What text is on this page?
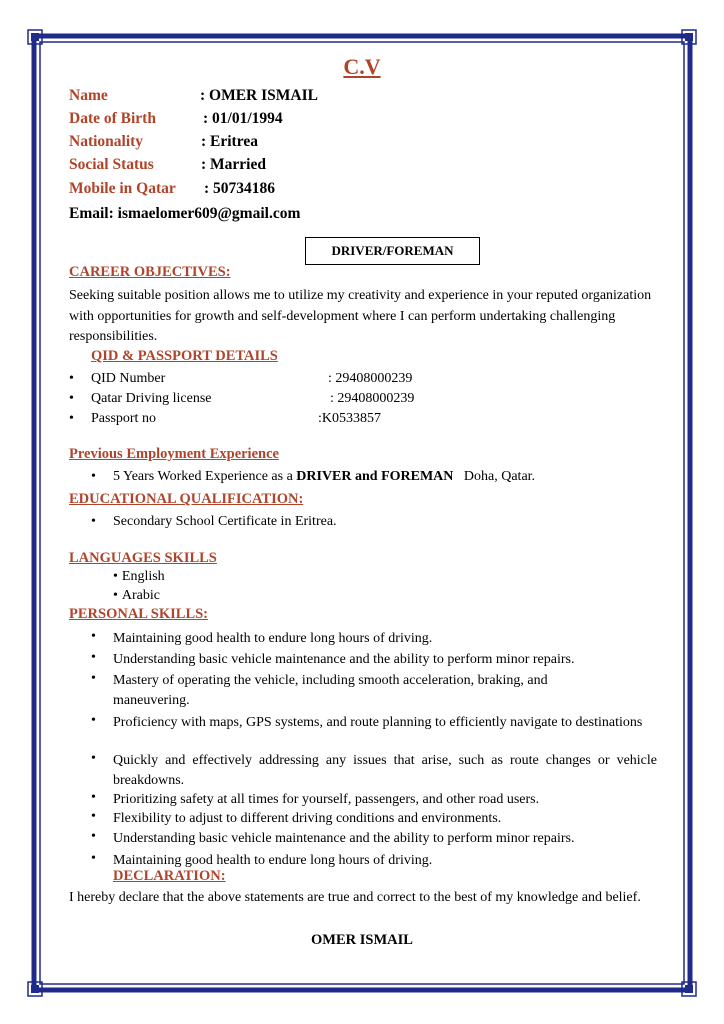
C.V
Name	: OMER ISMAIL
Date of Birth	: 01/01/1994
Nationality	: Eritrea
Social Status	: Married
Mobile in Qatar : 50734186
Email: ismaelomer609@gmail.com
DRIVER/FOREMAN
CAREER OBJECTIVES:
Seeking suitable position allows me to utilize my creativity and experience in your reputed organization with opportunities for growth and self-development where I can perform undertaking challenging responsibilities.
QID & PASSPORT DETAILS
• QID Number	: 29408000239
• Qatar Driving license	: 29408000239
• Passport no	:K0533857
Previous Employment Experience
• 5 Years Worked Experience as a DRIVER and FOREMAN   Doha, Qatar.
EDUCATIONAL QUALIFICATION:
• Secondary School Certificate in Eritrea.
LANGUAGES SKILLS
• English
• Arabic
PERSONAL SKILLS:
• Maintaining good health to endure long hours of driving.
• Understanding basic vehicle maintenance and the ability to perform minor repairs.
• Mastery of operating the vehicle, including smooth acceleration, braking, and maneuvering.
• Proficiency with maps, GPS systems, and route planning to efficiently navigate to destinations
• Quickly and effectively addressing any issues that arise, such as route changes or vehicle breakdowns.
• Prioritizing safety at all times for yourself, passengers, and other road users.
• Flexibility to adjust to different driving conditions and environments.
• Understanding basic vehicle maintenance and the ability to perform minor repairs.
• Maintaining good health to endure long hours of driving.
DECLARATION:
I hereby declare that the above statements are true and correct to the best of my knowledge and belief.
OMER ISMAIL
